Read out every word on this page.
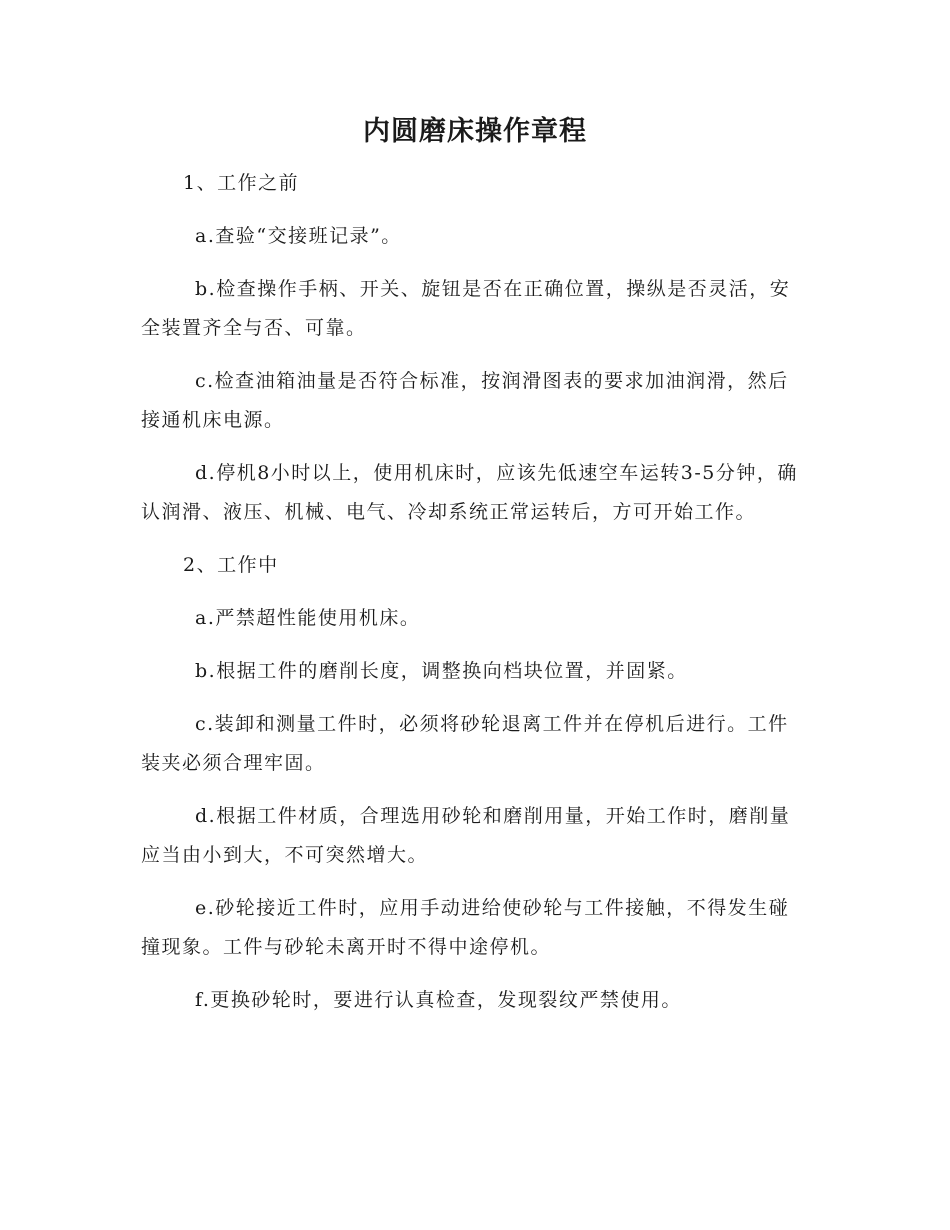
内圆磨床操作章程

1、工作之前

a.查验“交接班记录”。

b.检查操作手柄、开关、旋钮是否在正确位置，操纵是否灵活，安全装置齐全与否、可靠。

c.检查油箱油量是否符合标准，按润滑图表的要求加油润滑，然后接通机床电源。

d.停机8小时以上，使用机床时，应该先低速空车运转3-5分钟，确认润滑、液压、机械、电气、冷却系统正常运转后，方可开始工作。

2、工作中

a.严禁超性能使用机床。

b.根据工件的磨削长度，调整换向档块位置，并固紧。

c.装卸和测量工件时，必须将砂轮退离工件并在停机后进行。工件装夹必须合理牢固。

d.根据工件材质，合理选用砂轮和磨削用量，开始工作时，磨削量应当由小到大，不可突然增大。

e.砂轮接近工件时，应用手动进给使砂轮与工件接触，不得发生碰撞现象。工件与砂轮未离开时不得中途停机。

f.更换砂轮时，要进行认真检查，发现裂纹严禁使用。
